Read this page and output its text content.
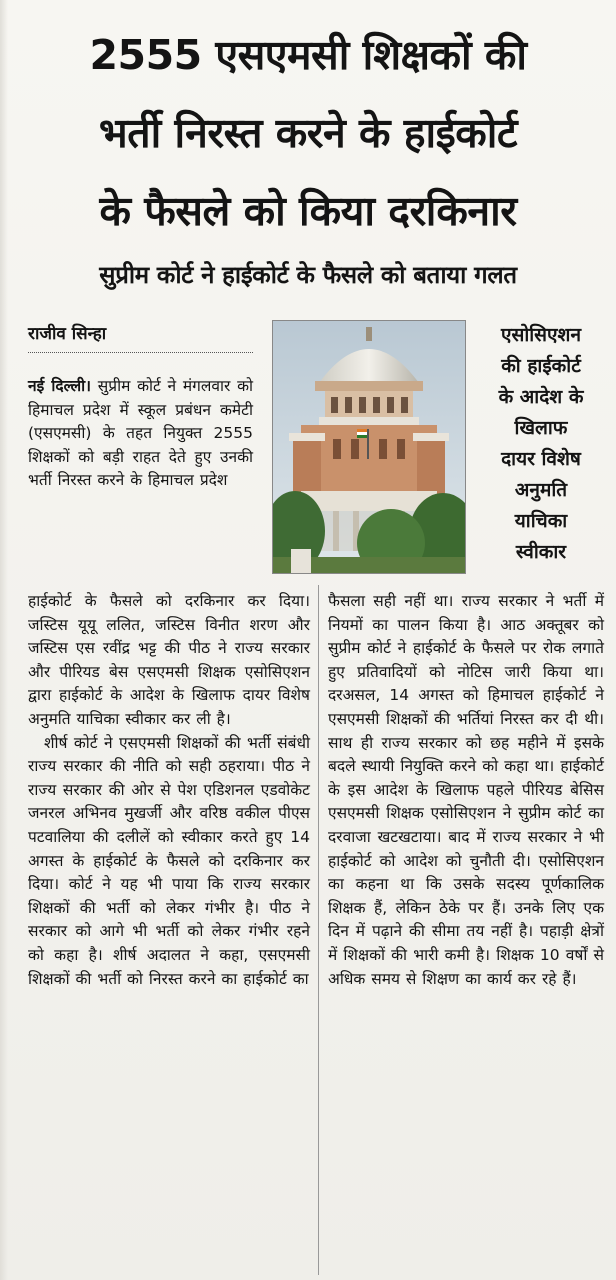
2555 एसएमसी शिक्षकों की
भर्ती निरस्त करने के हाईकोर्ट
के फैसले को किया दरकिनार
सुप्रीम कोर्ट ने हाईकोर्ट के फैसले को बताया गलत
राजीव सिन्हा

नई दिल्ली। सुप्रीम कोर्ट ने मंगलवार को हिमाचल प्रदेश में स्कूल प्रबंधन कमेटी (एसएमसी) के तहत नियुक्त 2555 शिक्षकों को बड़ी राहत देते हुए उनकी भर्ती निरस्त करने के हिमाचल प्रदेश

एसोसिएशन
की हाईकोर्ट
के आदेश के
खिलाफ
दायर विशेष
अनुमति
याचिका
स्वीकार

हाईकोर्ट के फैसले को दरकिनार कर दिया। जस्टिस यूयू ललित, जस्टिस विनीत शरण और जस्टिस एस रवींद्र भट्ट की पीठ ने राज्य सरकार और पीरियड बेस एसएमसी शिक्षक एसोसिएशन द्वारा हाईकोर्ट के आदेश के खिलाफ दायर विशेष अनुमति याचिका स्वीकार कर ली है।

शीर्ष कोर्ट ने एसएमसी शिक्षकों की भर्ती संबंधी राज्य सरकार की नीति को सही ठहराया। पीठ ने राज्य सरकार की ओर से पेश एडिशनल एडवोकेट जनरल अभिनव मुखर्जी और वरिष्ठ वकील पीएस पटवालिया की दलीलें को स्वीकार करते हुए 14 अगस्त के हाईकोर्ट के फैसले को दरकिनार कर दिया। कोर्ट ने यह भी पाया कि राज्य सरकार शिक्षकों की भर्ती को लेकर गंभीर है। पीठ ने सरकार को आगे भी भर्ती को लेकर गंभीर रहने को कहा है। शीर्ष अदालत ने कहा, एसएमसी शिक्षकों की भर्ती को निरस्त करने का हाईकोर्ट का

फैसला सही नहीं था। राज्य सरकार ने भर्ती में नियमों का पालन किया है। आठ अक्तूबर को सुप्रीम कोर्ट ने हाईकोर्ट के फैसले पर रोक लगाते हुए प्रतिवादियों को नोटिस जारी किया था। दरअसल, 14 अगस्त को हिमाचल हाईकोर्ट ने एसएमसी शिक्षकों की भर्तियां निरस्त कर दी थी। साथ ही राज्य सरकार को छह महीने में इसके बदले स्थायी नियुक्ति करने को कहा था। हाईकोर्ट के इस आदेश के खिलाफ पहले पीरियड बेसिस एसएमसी शिक्षक एसोसिएशन ने सुप्रीम कोर्ट का दरवाजा खटखटाया। बाद में राज्य सरकार ने भी हाईकोर्ट को आदेश को चुनौती दी। एसोसिएशन का कहना था कि उसके सदस्य पूर्णकालिक शिक्षक हैं, लेकिन ठेके पर हैं। उनके लिए एक दिन में पढ़ाने की सीमा तय नहीं है। पहाड़ी क्षेत्रों में शिक्षकों की भारी कमी है। शिक्षक 10 वर्षों से अधिक समय से शिक्षण का कार्य कर रहे हैं।
